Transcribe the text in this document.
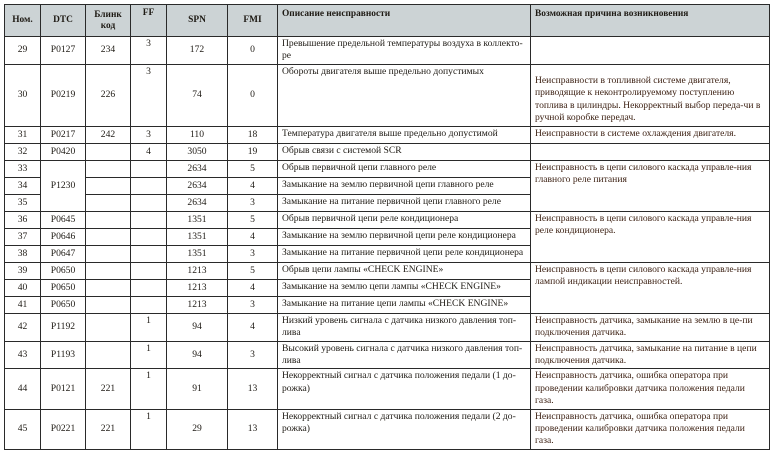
Ном.	DTC	Блинк код	FF	SPN	FMI	Описание неисправности	Возможная причина возникновения
29	P0127	234	3	172	0	Превышение предельной температуры воздуха в коллекто-ре	
30	P0219	226	3	74	0	Обороты двигателя выше предельно допустимых	Неисправности в топливной системе двигателя, приводящие к неконтролируемому поступлению топлива в цилиндры. Некорректный выбор переда-чи в ручной коробке передач.
31	P0217	242	3	110	18	Температура двигателя выше предельно допустимой	Неисправности в системе охлаждения двигателя.
32	P0420		4	3050	19	Обрыв связи с системой SCR	
33	P1230			2634	5	Обрыв первичной цепи главного реле	Неисправность в цепи силового каскада управле-ния главного реле питания
34				2634	4	Замыкание на землю первичной цепи главного реле	
35				2634	3	Замыкание на питание первичной цепи главного реле	
36	P0645			1351	5	Обрыв первичной цепи реле кондиционера	Неисправность в цепи силового каскада управле-ния реле кондиционера.
37	P0646			1351	4	Замыкание на землю первичной цепи реле кондиционера	
38	P0647			1351	3	Замыкание на питание первичной цепи реле кондиционера	
39	P0650			1213	5	Обрыв цепи лампы «CHECK ENGINE»	Неисправность в цепи силового каскада управле-ния лампой индикации неисправностей.
40	P0650			1213	4	Замыкание на землю цепи лампы «CHECK ENGINE»	
41	P0650			1213	3	Замыкание на питание цепи лампы «CHECK ENGINE»	
42	P1192		1	94	4	Низкий уровень сигнала с датчика низкого давления топ-лива	Неисправность датчика, замыкание на землю в це-пи подключения датчика.
43	P1193		1	94	3	Высокий уровень сигнала с датчика низкого давления топ-лива	Неисправность датчика, замыкание на питание в цепи подключения датчика.
44	P0121	221	1	91	13	Некорректный сигнал с датчика положения педали (1 до-рожка)	Неисправность датчика, ошибка оператора при проведении калибровки датчика положения педали газа.
45	P0221	221	1	29	13	Некорректный сигнал с датчика положения педали (2 до-рожка)	Неисправность датчика, ошибка оператора при проведении калибровки датчика положения педали газа.
